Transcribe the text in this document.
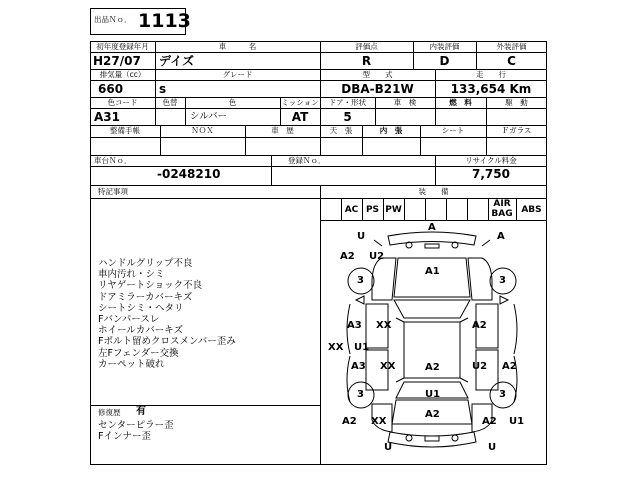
出品Ｎｏ． 1113
初年度登録年月	車　　　名	評価点	内装評価	外装評価
H27/07 デイズ	R	D	C
排気量（cc）	グレード	型　　式	走　　行
660	s	DBA-B21W	133,654 Km
色コード	色替	色	ミッション	ドア・形状	車　検	燃　料	駆　動
A31	シルバー	AT	5
整備手帳	ＮＯＸ	車　歴	天　張	内　張	シート	Ｆガラス
車台Ｎｏ．	登録Ｎｏ．	リサイクル料金
-0248210	7,750
特記事項	装　　備
AC PS PW
AIR BAG ABS
ハンドルグリップ不良
車内汚れ・シミ
リヤゲートショック不良
ドアミラーカバーキズ
シートシミ・ヘタリ
Fバンパースレ
ホイールカバーキズ
Fボルト留めクロスメンバー歪み
左Fフェンダー交換
カーペット破れ
修復歴 有
センターピラー歪
Fインナー歪
A
U	A
A2 U2
A1
3	3
A3 XX	A2
XX U1
A3 XX	A2	U2 A2
U1
3	3
A2
A2 XX	A2 U1
U	U
